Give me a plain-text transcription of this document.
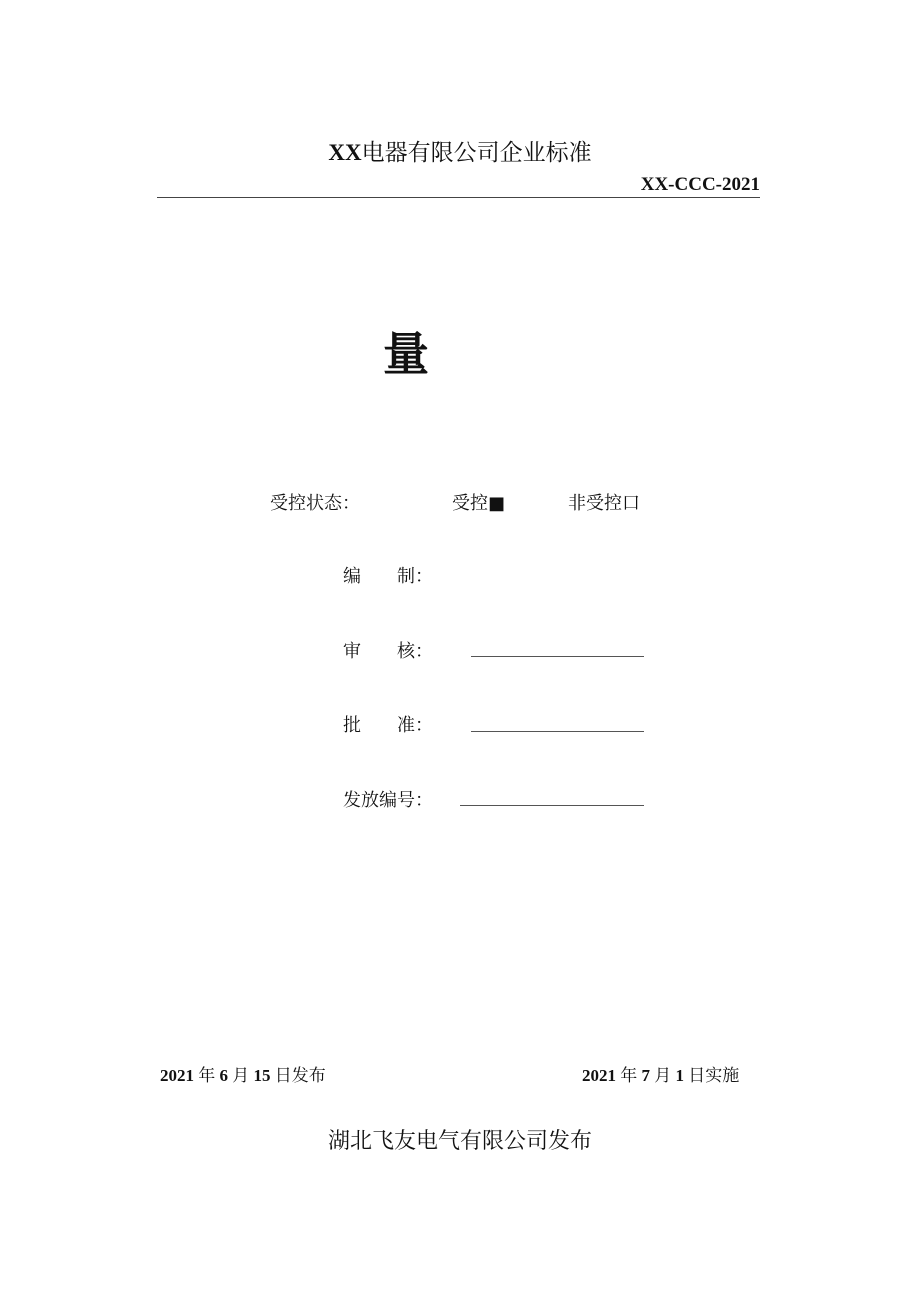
XX电器有限公司企业标准
XX-CCC-2021
量
受控状态：	受控■	非受控口
编　　制：
审　　核：
批　　准：
发放编号：
2021 年 6 月 15 日发布	2021 年 7 月 1 日实施
湖北飞友电气有限公司发布
